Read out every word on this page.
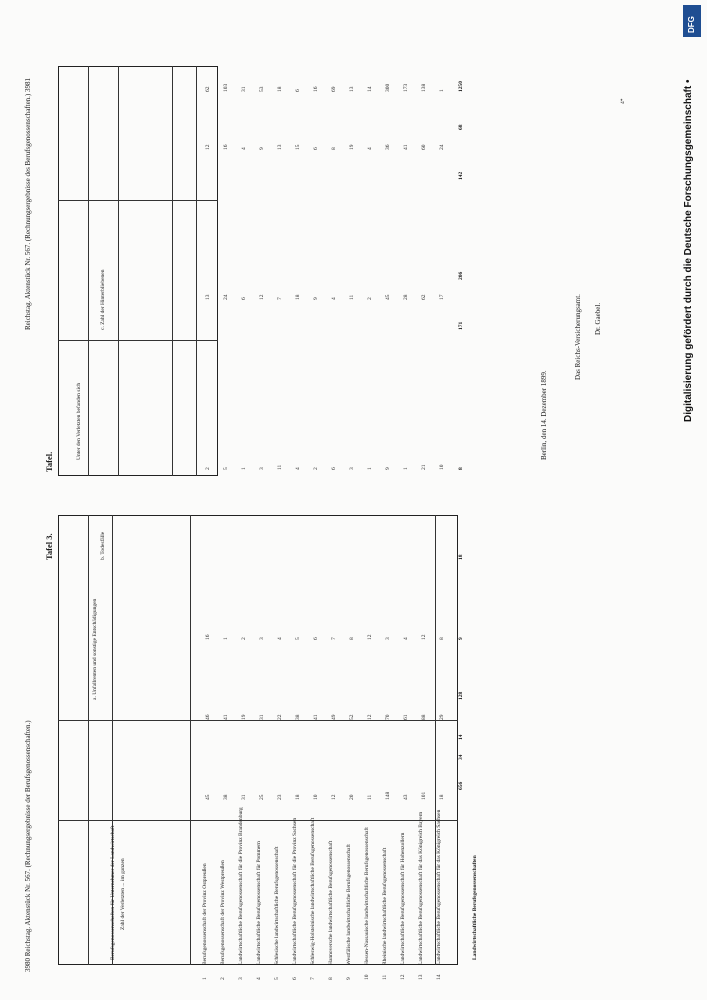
Reichstag. Aktenstück Nr. 567. (Rechnungsergebnisse des Berufsgenossenschaften.) 3981
Tafel.
3980 Reichstag. Aktenstück Nr. 567. (Rechnungsergebnisse der Berufsgenossenschaften.)
Tafel 3.
a. Unfallrenten und sonstige Entschädigungen
Unter den Verletzten befanden sich
b. Todesfälle
c. Zahl der Hinterbliebenen
Berufsgenossenschaften für Unternehmer der Landwirtschaft Zahl der Verletzten ... im ganzen
1
Berufsgenossenschaft der Provinz Ostpreußen
2
Berufsgenossenschaft der Provinz Westpreußen
3
Landwirtschaftliche Berufsgenossenschaft für die Provinz Brandenburg
4
Landwirtschaftliche Berufsgenossenschaft für Pommern
5
Schlesische landwirtschaftliche Berufsgenossenschaft
6
Landwirtschaftliche Berufsgenossenschaft für die Provinz Sachsen
7
Schleswig-Holsteinische landwirtschaftliche Berufsgenossenschaft
8
Hannoversche landwirtschaftliche Berufsgenossenschaft
9
Westfälische landwirtschaftliche Berufsgenossenschaft
10
Hessen-Nassauische landwirtschaftliche Berufsgenossenschaft
11
Rheinische landwirtschaftliche Berufsgenossenschaft
12
Landwirtschaftliche Berufsgenossenschaft für Hohenzollern
13
Landwirtschaftliche Berufsgenossenschaft für das Königreich Bayern
14
Landwirtschaftliche Berufsgenossenschaft für das Königreich Sachsen	Landwirtschaftliche Berufsgenossenschaften
45 38 31 25 23 18 10 12 20 11 148 43 101 18
46 41 19 31 22 38 41 49 52 12 70 61 88 29
16 1 2 3 4 5 6 7 8 12 3 4 12 8
2 5 1 3 11 4 2 6 3 1 9 1 21 10
13 24 6 12 7 18 9 4 11 2 45 28 62 17
12 16 4 9 13 15 6 8 19 4 36 41 60 24
62 103 31 53 18 6 16 69 13 14 300 173 138 1
656
34
14
128
9
18
8
171
206
142
68
1250
Berlin, den 14. Dezember 1899.
Das Reichs-Versicherungsamt. Dr. Gaebel.
4*	Digitalisierung gefördert durch die Deutsche Forschungsgemeinschaft •
DFG
